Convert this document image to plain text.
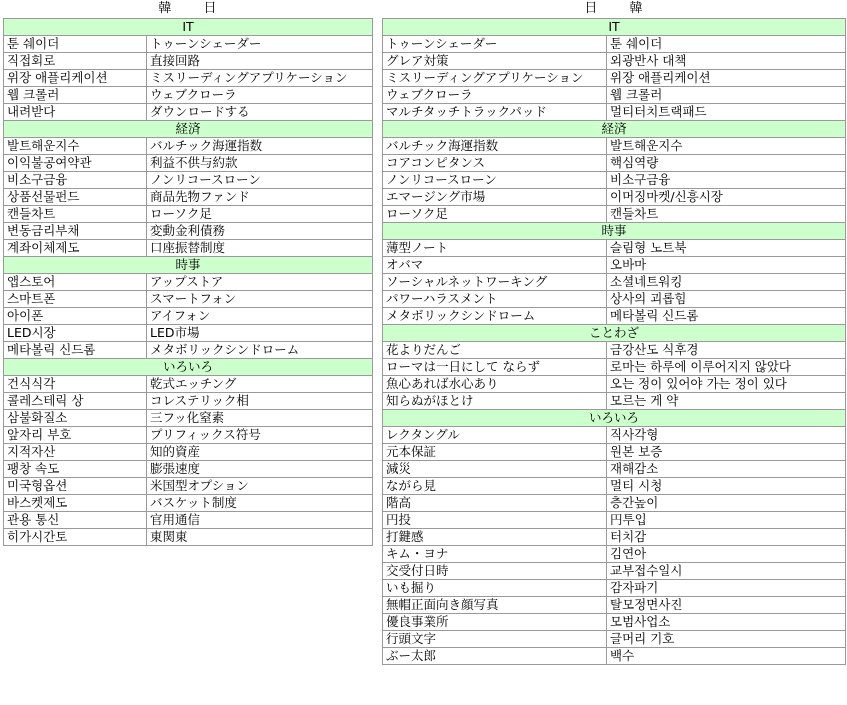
韓 日
IT	
툰 쉐이더	トゥーンシェーダー
직접회로	直接回路
위장 애플리케이션	ミスリーディングアプリケーション
웹 크롤러	ウェブクローラ
내려받다	ダウンロードする
経済	
발트해운지수	バルチック海運指数
이익불공여약관	利益不供与約款
비소구금융	ノンリコースローン
상품선물펀드	商品先物ファンド
캔들차트	ローソク足
변동금리부채	変動金利債務
계좌이체제도	口座振替制度
時事	
앱스토어	アップストア
스마트폰	スマートフォン
아이폰	アイフォン
LED시장	LED市場
메타볼릭 신드롬	メタボリックシンドローム
いろいろ	
건식식각	乾式エッチング
콜레스테릭 상	コレステリック相
삼불화질소	三フッ化窒素
앞자리 부호	プリフィックス符号
지적자산	知的資産
팽창 속도	膨張速度
미국형옵션	米国型オプション
바스켓제도	バスケット制度
관용 통신	官用通信
히가시간토	東関東
日 韓
IT	
トゥーンシェーダー	툰 쉐이더
グレア対策	외광반사 대책
ミスリーディングアプリケーション	위장 애플리케이션
ウェブクローラ	웹 크롤러
マルチタッチトラックパッド	멀티터치트랙패드
経済	
バルチック海運指数	발트해운지수
コアコンピタンス	핵심역량
ノンリコースローン	비소구금융
エマージング市場	이머징마켓/신흥시장
ローソク足	캔들차트
時事	
薄型ノート	슬림형 노트북
オバマ	오바마
ソーシャルネットワーキング	소셜네트워킹
パワーハラスメント	상사의 괴롭힘
メタボリックシンドローム	메타볼릭 신드롬
ことわざ	
花よりだんご	금강산도 식후경
ローマは一日にして ならず	로마는 하루에 이루어지지 않았다
魚心あれば水心あり	오는 정이 있어야 가는 정이 있다
知らぬがほとけ	모르는 게 약
いろいろ	
レクタングル	직사각형
元本保証	원본 보증
減災	재해감소
ながら見	멀티 시청
階高	층간높이
円投	円투입
打鍵感	터치감
キム・ヨナ	김연아
交受付日時	교부접수일시
いも掘り	감자파기
無帽正面向き顔写真	탈모정면사진
優良事業所	모범사업소
行頭文字	글머리 기호
ぶー太郎	백수
